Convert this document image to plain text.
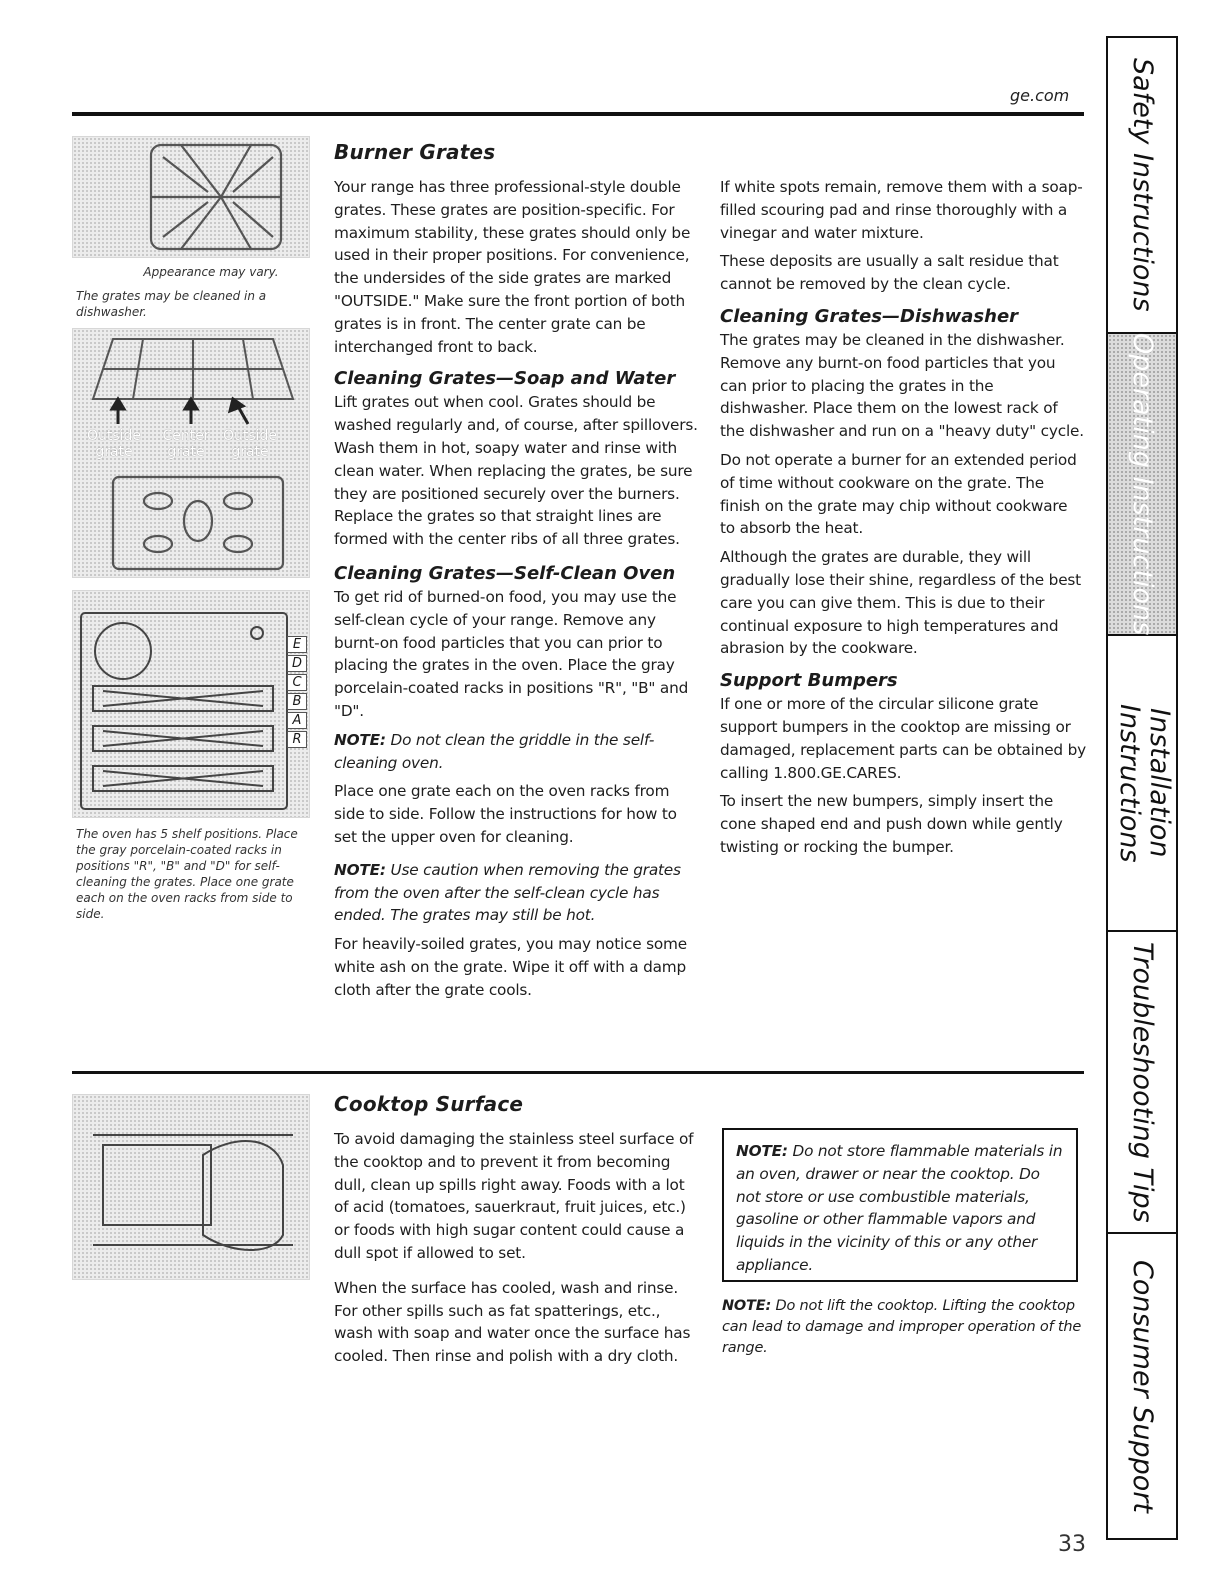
ge.com
Appearance may vary.
The grates may be cleaned in a dishwasher.
Outside grate
Center grate
Outside grate
E
D
C
B
A
R
The oven has 5 shelf positions. Place the gray porcelain-coated racks in positions "R", "B" and "D" for self-cleaning the grates. Place one grate each on the oven racks from side to side.
Burner Grates

Your range has three professional-style double grates. These grates are position-specific. For maximum stability, these grates should only be used in their proper positions. For convenience, the undersides of the side grates are marked "OUTSIDE." Make sure the front portion of both grates is in front. The center grate can be interchanged front to back.

Cleaning Grates—Soap and Water

Lift grates out when cool. Grates should be washed regularly and, of course, after spillovers. Wash them in hot, soapy water and rinse with clean water. When replacing the grates, be sure they are positioned securely over the burners. Replace the grates so that straight lines are formed with the center ribs of all three grates.

Cleaning Grates—Self-Clean Oven

To get rid of burned-on food, you may use the self-clean cycle of your range. Remove any burnt-on food particles that you can prior to placing the grates in the oven. Place the gray porcelain-coated racks in positions "R", "B" and "D".

NOTE: Do not clean the griddle in the self-cleaning oven.

Place one grate each on the oven racks from side to side. Follow the instructions for how to set the upper oven for cleaning.

NOTE: Use caution when removing the grates from the oven after the self-clean cycle has ended. The grates may still be hot.

For heavily-soiled grates, you may notice some white ash on the grate. Wipe it off with a damp cloth after the grate cools.

If white spots remain, remove them with a soap-filled scouring pad and rinse thoroughly with a vinegar and water mixture.

These deposits are usually a salt residue that cannot be removed by the clean cycle.

Cleaning Grates—Dishwasher

The grates may be cleaned in the dishwasher. Remove any burnt-on food particles that you can prior to placing the grates in the dishwasher. Place them on the lowest rack of the dishwasher and run on a "heavy duty" cycle.

Do not operate a burner for an extended period of time without cookware on the grate. The finish on the grate may chip without cookware to absorb the heat.

Although the grates are durable, they will gradually lose their shine, regardless of the best care you can give them. This is due to their continual exposure to high temperatures and abrasion by the cookware.

Support Bumpers

If one or more of the circular silicone grate support bumpers in the cooktop are missing or damaged, replacement parts can be obtained by calling 1.800.GE.CARES.

To insert the new bumpers, simply insert the cone shaped end and push down while gently twisting or rocking the bumper.

Cooktop Surface

To avoid damaging the stainless steel surface of the cooktop and to prevent it from becoming dull, clean up spills right away. Foods with a lot of acid (tomatoes, sauerkraut, fruit juices, etc.) or foods with high sugar content could cause a dull spot if allowed to set.

When the surface has cooled, wash and rinse. For other spills such as fat spatterings, etc., wash with soap and water once the surface has cooled. Then rinse and polish with a dry cloth.

NOTE: Do not store flammable materials in an oven, drawer or near the cooktop. Do not store or use combustible materials, gasoline or other flammable vapors and liquids in the vicinity of this or any other appliance.

NOTE: Do not lift the cooktop. Lifting the cooktop can lead to damage and improper operation of the range.

Safety Instructions
Operating Instructions
Installation Instructions
Troubleshooting Tips
Consumer Support
33
